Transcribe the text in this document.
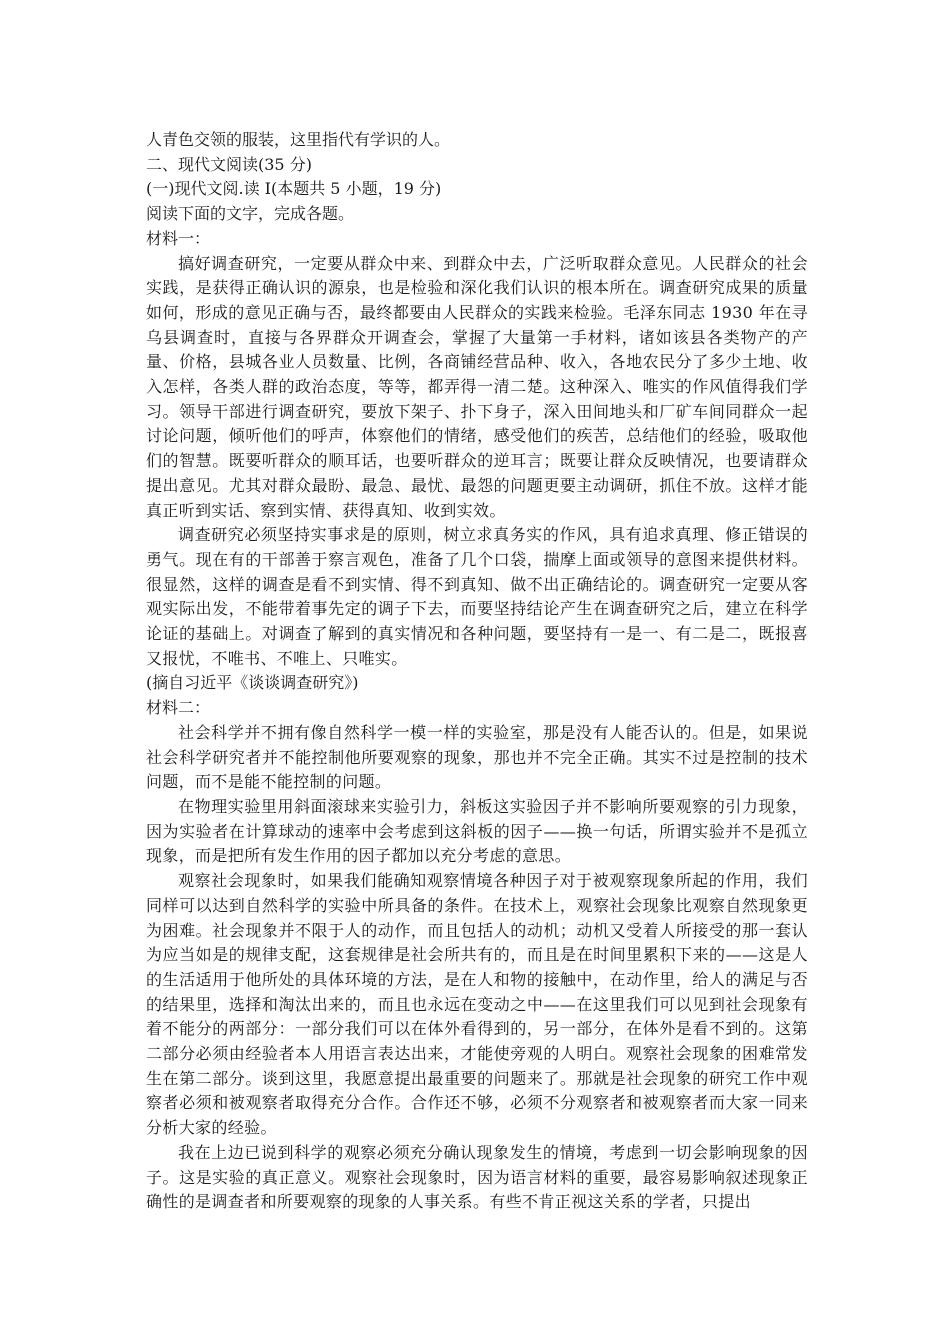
人青色交领的服装，这里指代有学识的人。

二、现代文阅读(35 分)

(一)现代文阅.读 I(本题共 5 小题，19 分)

阅读下面的文字，完成各题。

材料一：

搞好调查研究，一定要从群众中来、到群众中去，广泛听取群众意见。人民群众的社会实践，是获得正确认识的源泉，也是检验和深化我们认识的根本所在。调查研究成果的质量如何，形成的意见正确与否，最终都要由人民群众的实践来检验。毛泽东同志 1930 年在寻乌县调查时，直接与各界群众开调查会，掌握了大量第一手材料，诸如该县各类物产的产量、价格，县城各业人员数量、比例，各商铺经营品种、收入，各地农民分了多少土地、收入怎样，各类人群的政治态度，等等，都弄得一清二楚。这种深入、唯实的作风值得我们学习。领导干部进行调查研究，要放下架子、扑下身子，深入田间地头和厂矿车间同群众一起讨论问题，倾听他们的呼声，体察他们的情绪，感受他们的疾苦，总结他们的经验，吸取他们的智慧。既要听群众的顺耳话，也要听群众的逆耳言；既要让群众反映情况，也要请群众提出意见。尤其对群众最盼、最急、最忧、最怨的问题更要主动调研，抓住不放。这样才能真正听到实话、察到实情、获得真知、收到实效。

调查研究必须坚持实事求是的原则，树立求真务实的作风，具有追求真理、修正错误的勇气。现在有的干部善于察言观色，准备了几个口袋，揣摩上面或领导的意图来提供材料。很显然，这样的调查是看不到实情、得不到真知、做不出正确结论的。调查研究一定要从客观实际出发，不能带着事先定的调子下去，而要坚持结论产生在调查研究之后，建立在科学论证的基础上。对调查了解到的真实情况和各种问题，要坚持有一是一、有二是二，既报喜又报忧，不唯书、不唯上、只唯实。

(摘自习近平《谈谈调查研究》)

材料二：

社会科学并不拥有像自然科学一模一样的实验室，那是没有人能否认的。但是，如果说社会科学研究者并不能控制他所要观察的现象，那也并不完全正确。其实不过是控制的技术问题，而不是能不能控制的问题。

在物理实验里用斜面滚球来实验引力，斜板这实验因子并不影响所要观察的引力现象，因为实验者在计算球动的速率中会考虑到这斜板的因子——换一句话，所谓实验并不是孤立现象，而是把所有发生作用的因子都加以充分考虑的意思。

观察社会现象时，如果我们能确知观察情境各种因子对于被观察现象所起的作用，我们同样可以达到自然科学的实验中所具备的条件。在技术上，观察社会现象比观察自然现象更为困难。社会现象并不限于人的动作，而且包括人的动机；动机又受着人所接受的那一套认为应当如是的规律支配，这套规律是社会所共有的，而且是在时间里累积下来的——这是人的生活适用于他所处的具体环境的方法，是在人和物的接触中，在动作里，给人的满足与否的结果里，选择和淘汰出来的，而且也永远在变动之中——在这里我们可以见到社会现象有着不能分的两部分：一部分我们可以在体外看得到的，另一部分，在体外是看不到的。这第二部分必须由经验者本人用语言表达出来，才能使旁观的人明白。观察社会现象的困难常发生在第二部分。谈到这里，我愿意提出最重要的问题来了。那就是社会现象的研究工作中观察者必须和被观察者取得充分合作。合作还不够，必须不分观察者和被观察者而大家一同来分析大家的经验。

我在上边已说到科学的观察必须充分确认现象发生的情境，考虑到一切会影响现象的因子。这是实验的真正意义。观察社会现象时，因为语言材料的重要，最容易影响叙述现象正确性的是调查者和所要观察的现象的人事关系。有些不肯正视这关系的学者，只提出
